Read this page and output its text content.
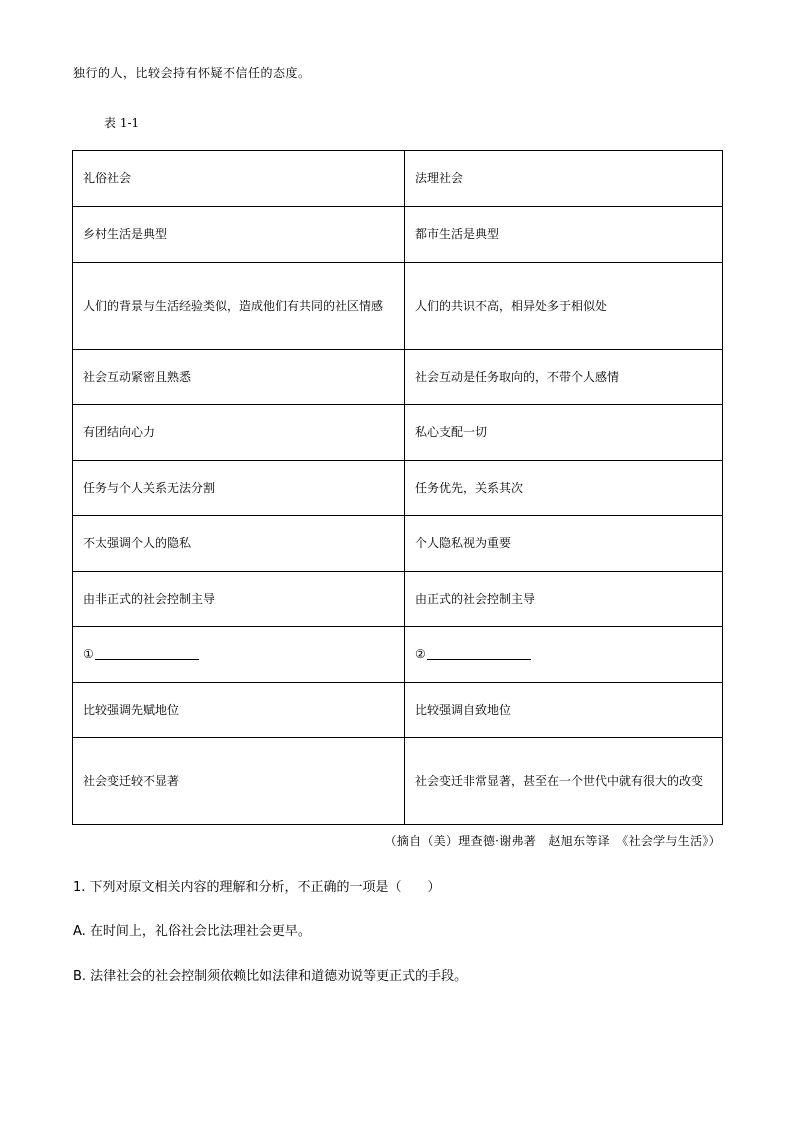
独行的人，比较会持有怀疑不信任的态度。
表 1-1
礼俗社会	法理社会
乡村生活是典型	都市生活是典型
人们的背景与生活经验类似，造成他们有共同的社区情感	人们的共识不高，相异处多于相似处
社会互动紧密且熟悉	社会互动是任务取向的，不带个人感情
有团结向心力	私心支配一切
任务与个人关系无法分割	任务优先，关系其次
不太强调个人的隐私	个人隐私视为重要
由非正式的社会控制主导	由正式的社会控制主导
①	②
比较强调先赋地位	比较强调自致地位
社会变迁较不显著	社会变迁非常显著，甚至在一个世代中就有很大的改变
（摘自（美）理查德·谢弗著　赵旭东等译　《社会学与生活》）
1. 下列对原文相关内容的理解和分析，不正确的一项是（　　）
A. 在时间上，礼俗社会比法理社会更早。
B. 法律社会的社会控制须依赖比如法律和道德劝说等更正式的手段。
